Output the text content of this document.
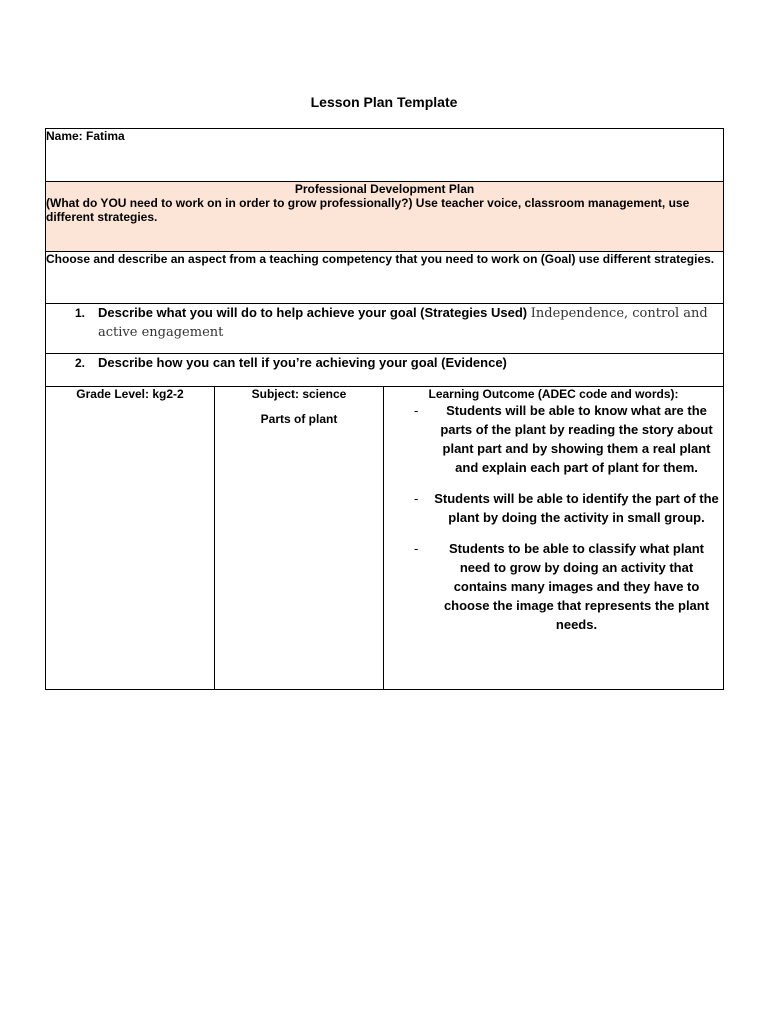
Lesson Plan Template
Name: Fatima

Professional Development Plan
(What do YOU need to work on in order to grow professionally?) Use teacher voice, classroom management, use different strategies.

Choose and describe an aspect from a teaching competency that you need to work on (Goal) use different strategies.

1. Describe what you will do to help achieve your goal (Strategies Used) Independence, control and active engagement

2. Describe how you can tell if you’re achieving your goal (Evidence)

Grade Level: kg2-2	Subject: science
Parts of plant

Learning Outcome (ADEC code and words):
- Students will be able to know what are the parts of the plant by reading the story about plant part and by showing them a real plant and explain each part of plant for them.
- Students will be able to identify the part of the plant by doing the activity in small group.
- Students to be able to classify what plant need to grow by doing an activity that contains many images and they have to choose the image that represents the plant needs.
